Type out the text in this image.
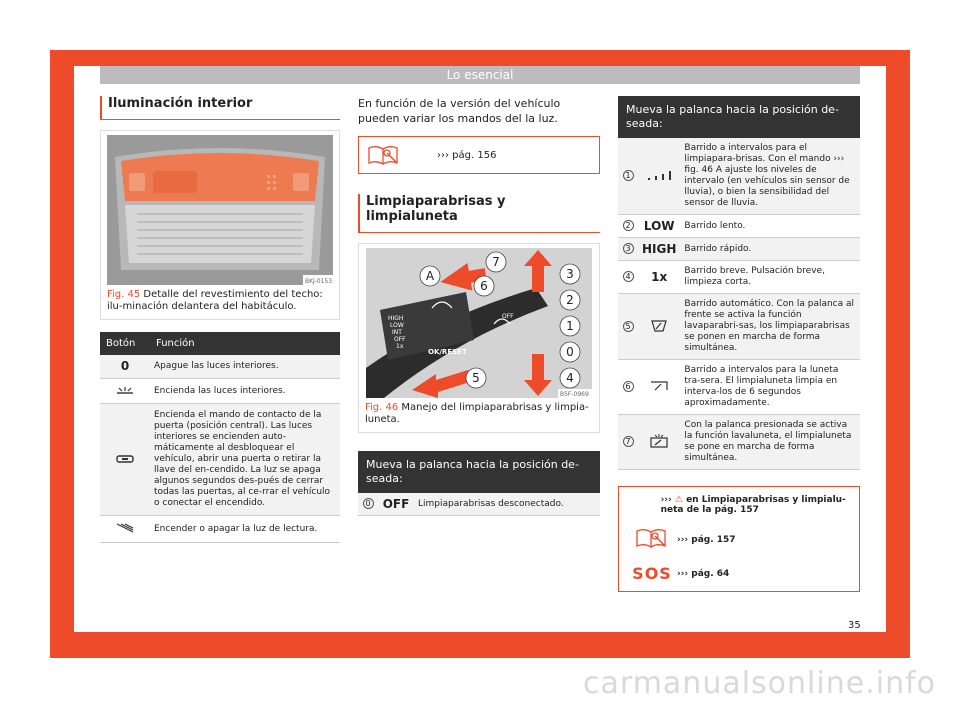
Lo esencial
Iluminación interior
BKJ-0153
Fig. 45 Detalle del revestimiento del techo: ilu-minación delantera del habitáculo.
Botón	Función
0	Apague las luces interiores.
	Encienda las luces interiores.
	Encienda el mando de contacto de la puerta (posición central). Las luces interiores se encienden auto-máticamente al desbloquear el vehículo, abrir una puerta o retirar la llave del en-cendido. La luz se apaga algunos segundos des-pués de cerrar todas las puertas, al ce-rrar el vehículo o conectar el encendido.
	Encender o apagar la luz de lectura.
En función de la versión del vehículo pueden variar los mandos del la luz.
››› pág. 156
Limpiaparabrisas y limpialuneta
HIGH
LOW
INT
OFF
1x
OK/RESET
OFF
A
7
6
3
2
1
0
4
5
B5F-0969
Fig. 46 Manejo del limpiaparabrisas y limpia-luneta.
Mueva la palanca hacia la posición de-seada:
0	OFF	Limpiaparabrisas desconectado.
Mueva la palanca hacia la posición de-seada:
1		Barrido a intervalos para el limpiapara-brisas. Con el mando ››› fig. 46 A ajuste los niveles de intervalo (en vehículos sin sensor de lluvia), o bien la sensibilidad del sensor de lluvia.
2	LOW	Barrido lento.
3	HIGH	Barrido rápido.
4	1x	Barrido breve. Pulsación breve, limpieza corta.
5		Barrido automático. Con la palanca al frente se activa la función lavaparabri-sas, los limpiaparabrisas se ponen en marcha de forma simultánea.
6		Barrido a intervalos para la luneta tra-sera. El limpialuneta limpia en interva-los de 6 segundos aproximadamente.
7		Con la palanca presionada se activa la función lavaluneta, el limpialuneta se pone en marcha de forma simultánea.
››› ⚠ en Limpiaparabrisas y limpialu-neta de la pág. 157
››› pág. 157
SOS ››› pág. 64
35
carmanualsonline.info
